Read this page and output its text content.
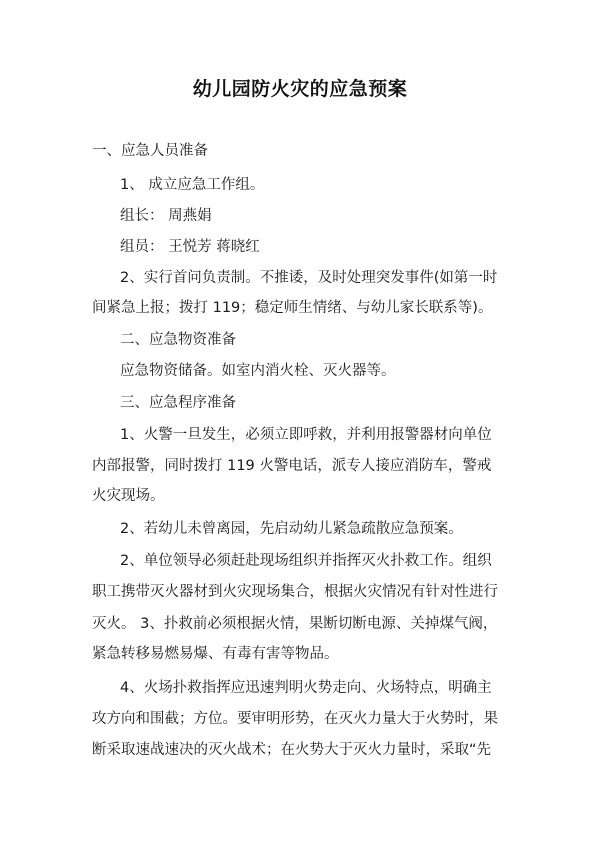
幼儿园防火灾的应急预案
一、应急人员准备
1、 成立应急工作组。
组长： 周燕娟
组员： 王悦芳 蒋晓红
2、实行首问负责制。不推诿，及时处理突发事件(如第一时
间紧急上报；拨打 119；稳定师生情绪、与幼儿家长联系等)。
二、应急物资准备
应急物资储备。如室内消火栓、灭火器等。
三、应急程序准备
1、火警一旦发生，必须立即呼救，并利用报警器材向单位
内部报警，同时拨打 119 火警电话，派专人接应消防车，警戒
火灾现场。
2、若幼儿未曾离园，先启动幼儿紧急疏散应急预案。
2、单位领导必须赶赴现场组织并指挥灭火扑救工作。组织
职工携带灭火器材到火灾现场集合，根据火灾情况有针对性进行
灭火。 3、扑救前必须根据火情，果断切断电源、关掉煤气阀，
紧急转移易燃易爆、有毒有害等物品。
4、火场扑救指挥应迅速判明火势走向、火场特点，明确主
攻方向和围截；方位。要审明形势，在灭火力量大于火势时，果
断采取速战速决的灭火战术；在火势大于灭火力量时，采取“先
